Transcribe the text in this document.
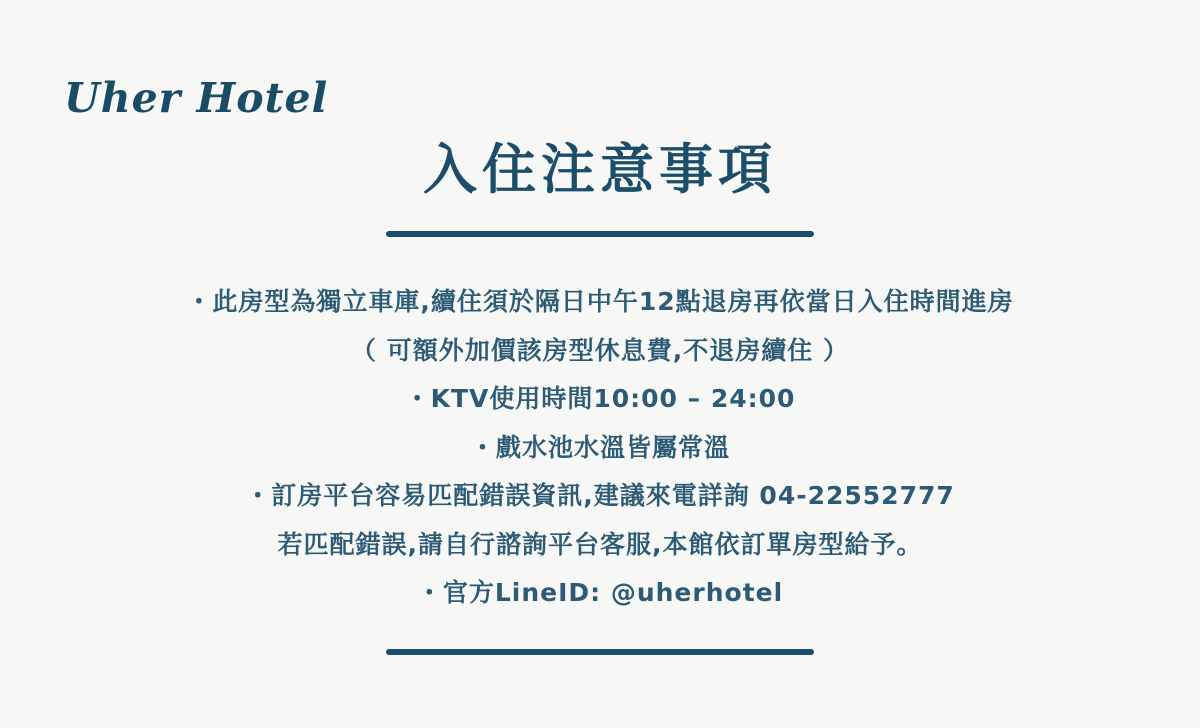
Uher Hotel
入住注意事項
・此房型為獨立車庫,續住須於隔日中午12點退房再依當日入住時間進房
（ 可額外加價該房型休息費,不退房續住 ）
・KTV使用時間10:00 – 24:00
・戲水池水溫皆屬常溫
・訂房平台容易匹配錯誤資訊,建議來電詳詢 04-22552777
若匹配錯誤,請自行諮詢平台客服,本館依訂單房型給予。
・官方LineID: @uherhotel
